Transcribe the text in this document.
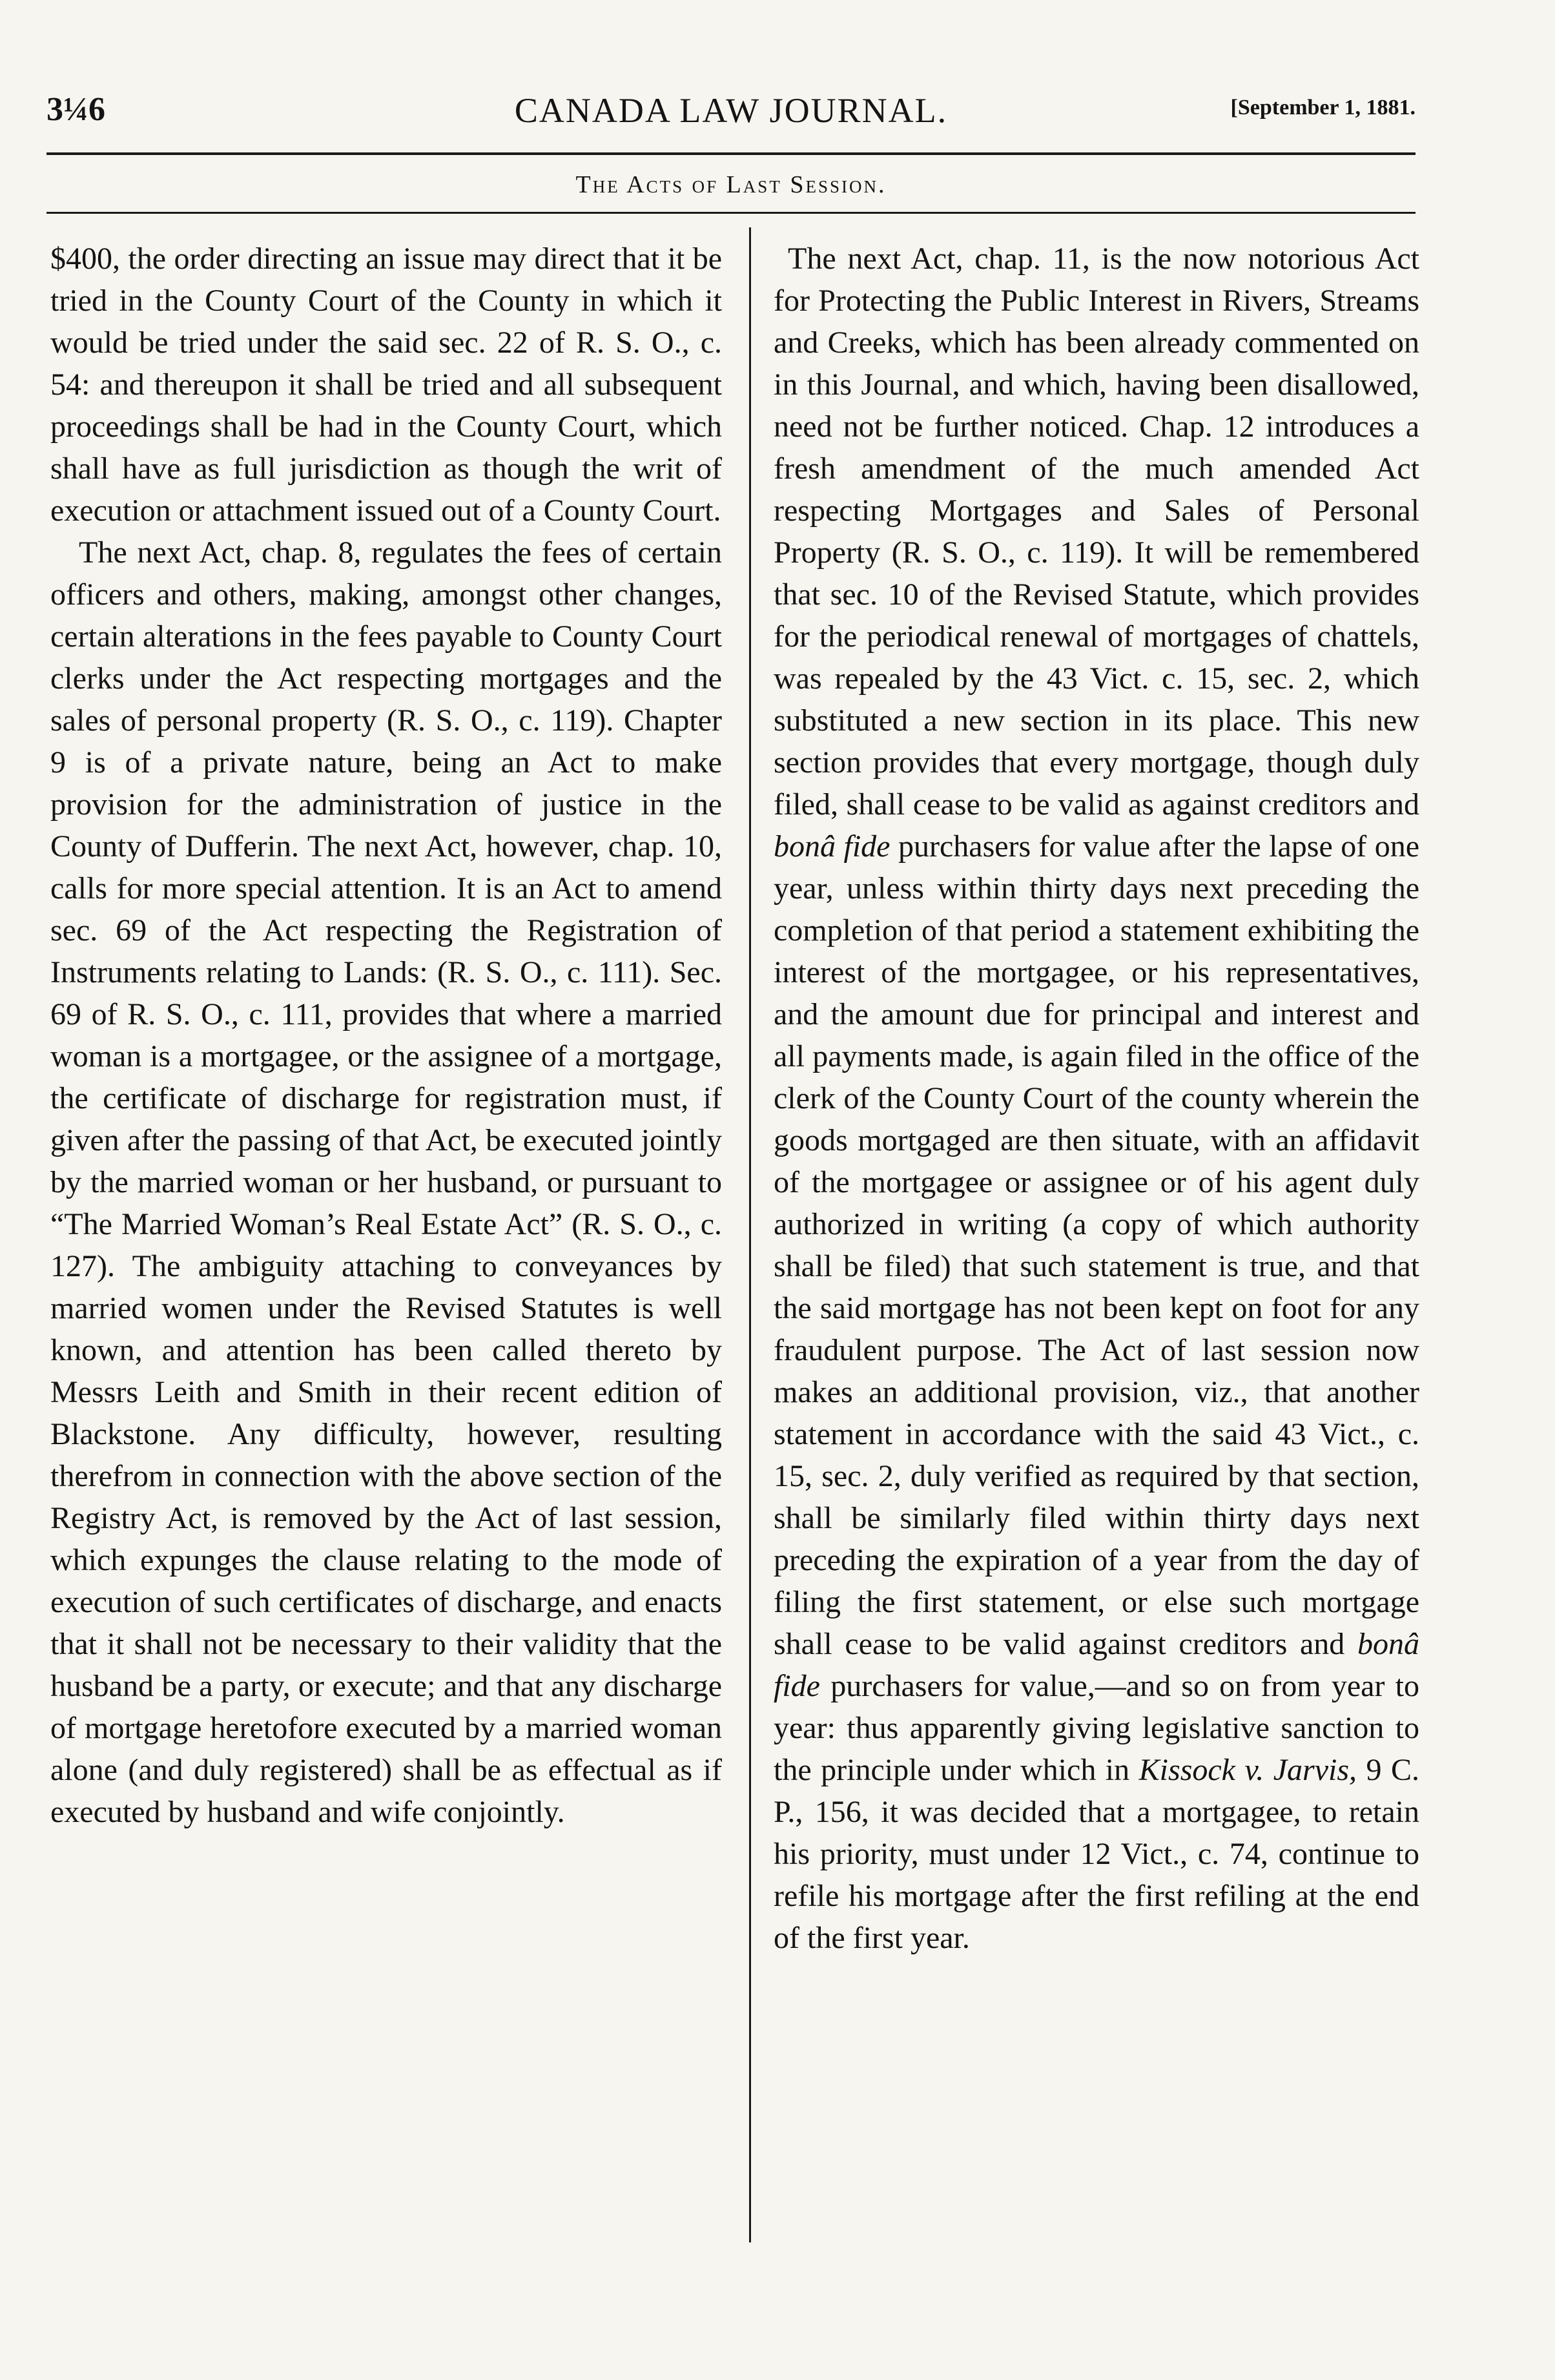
3¼6	CANADA LAW JOURNAL.	[September 1, 1881.
The Acts of Last Session.

$400, the order directing an issue may direct that it be tried in the County Court of the County in which it would be tried under the said sec. 22 of R. S. O., c. 54: and thereupon it shall be tried and all subsequent proceedings shall be had in the County Court, which shall have as full jurisdiction as though the writ of execution or attachment issued out of a County Court.

The next Act, chap. 8, regulates the fees of certain officers and others, making, amongst other changes, certain alterations in the fees payable to County Court clerks under the Act respecting mortgages and the sales of personal property (R. S. O., c. 119). Chapter 9 is of a private nature, being an Act to make provision for the administration of justice in the County of Dufferin. The next Act, however, chap. 10, calls for more special attention. It is an Act to amend sec. 69 of the Act respecting the Registration of Instruments relating to Lands: (R. S. O., c. 111). Sec. 69 of R. S. O., c. 111, provides that where a married woman is a mortgagee, or the assignee of a mortgage, the certificate of discharge for registration must, if given after the passing of that Act, be executed jointly by the married woman or her husband, or pursuant to “The Married Woman’s Real Estate Act” (R. S. O., c. 127). The ambiguity attaching to conveyances by married women under the Revised Statutes is well known, and attention has been called thereto by Messrs Leith and Smith in their recent edition of Blackstone. Any difficulty, however, resulting therefrom in connection with the above section of the Registry Act, is removed by the Act of last session, which expunges the clause relating to the mode of execution of such certificates of discharge, and enacts that it shall not be necessary to their validity that the husband be a party, or execute; and that any discharge of mortgage heretofore executed by a married woman alone (and duly registered) shall be as effectual as if executed by husband and wife conjointly.

The next Act, chap. 11, is the now notorious Act for Protecting the Public Interest in Rivers, Streams and Creeks, which has been already commented on in this Journal, and which, having been disallowed, need not be further noticed. Chap. 12 introduces a fresh amendment of the much amended Act respecting Mortgages and Sales of Personal Property (R. S. O., c. 119). It will be remembered that sec. 10 of the Revised Statute, which provides for the periodical renewal of mortgages of chattels, was repealed by the 43 Vict. c. 15, sec. 2, which substituted a new section in its place. This new section provides that every mortgage, though duly filed, shall cease to be valid as against creditors and bonâ fide purchasers for value after the lapse of one year, unless within thirty days next preceding the completion of that period a statement exhibiting the interest of the mortgagee, or his representatives, and the amount due for principal and interest and all payments made, is again filed in the office of the clerk of the County Court of the county wherein the goods mortgaged are then situate, with an affidavit of the mortgagee or assignee or of his agent duly authorized in writing (a copy of which authority shall be filed) that such statement is true, and that the said mortgage has not been kept on foot for any fraudulent purpose. The Act of last session now makes an additional provision, viz., that another statement in accordance with the said 43 Vict., c. 15, sec. 2, duly verified as required by that section, shall be similarly filed within thirty days next preceding the expiration of a year from the day of filing the first statement, or else such mortgage shall cease to be valid against creditors and bonâ fide purchasers for value,—and so on from year to year: thus apparently giving legislative sanction to the principle under which in Kissock v. Jarvis, 9 C. P., 156, it was decided that a mortgagee, to retain his priority, must under 12 Vict., c. 74, continue to refile his mortgage after the first refiling at the end of the first year.
